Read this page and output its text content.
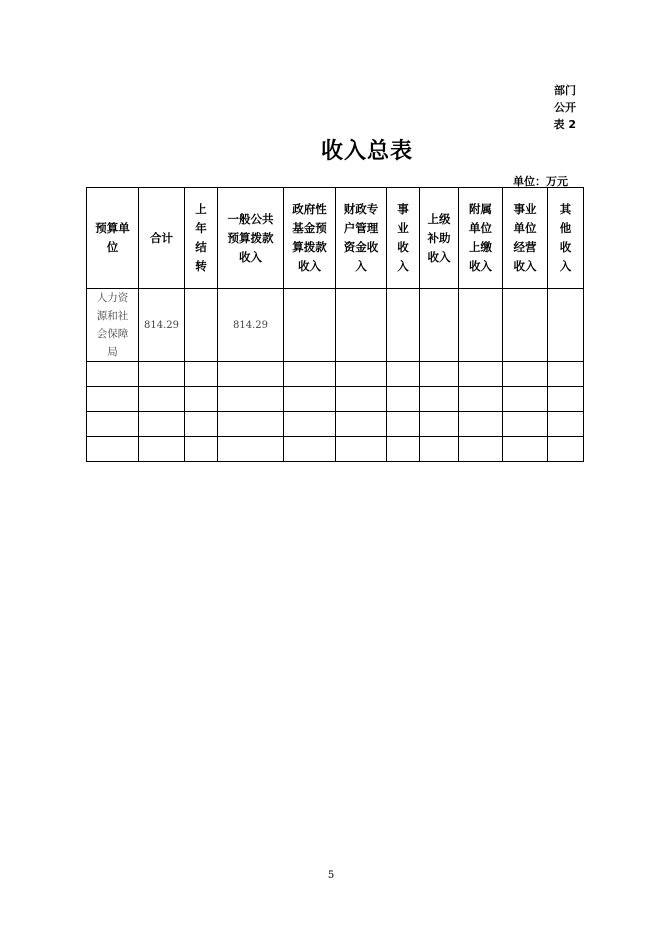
部门
公开
表 2
收入总表
单位：万元
预算单
位	合计	上
年
结
转	一般公共
预算拨款
收入	政府性
基金预
算拨款
收入	财政专
户管理
资金收
入	事
业
收
入	上级
补助
收入	附属
单位
上缴
收入	事业
单位
经营
收入	其
他
收
入
人力资源和社会保障局	814.29		814.29							

5
